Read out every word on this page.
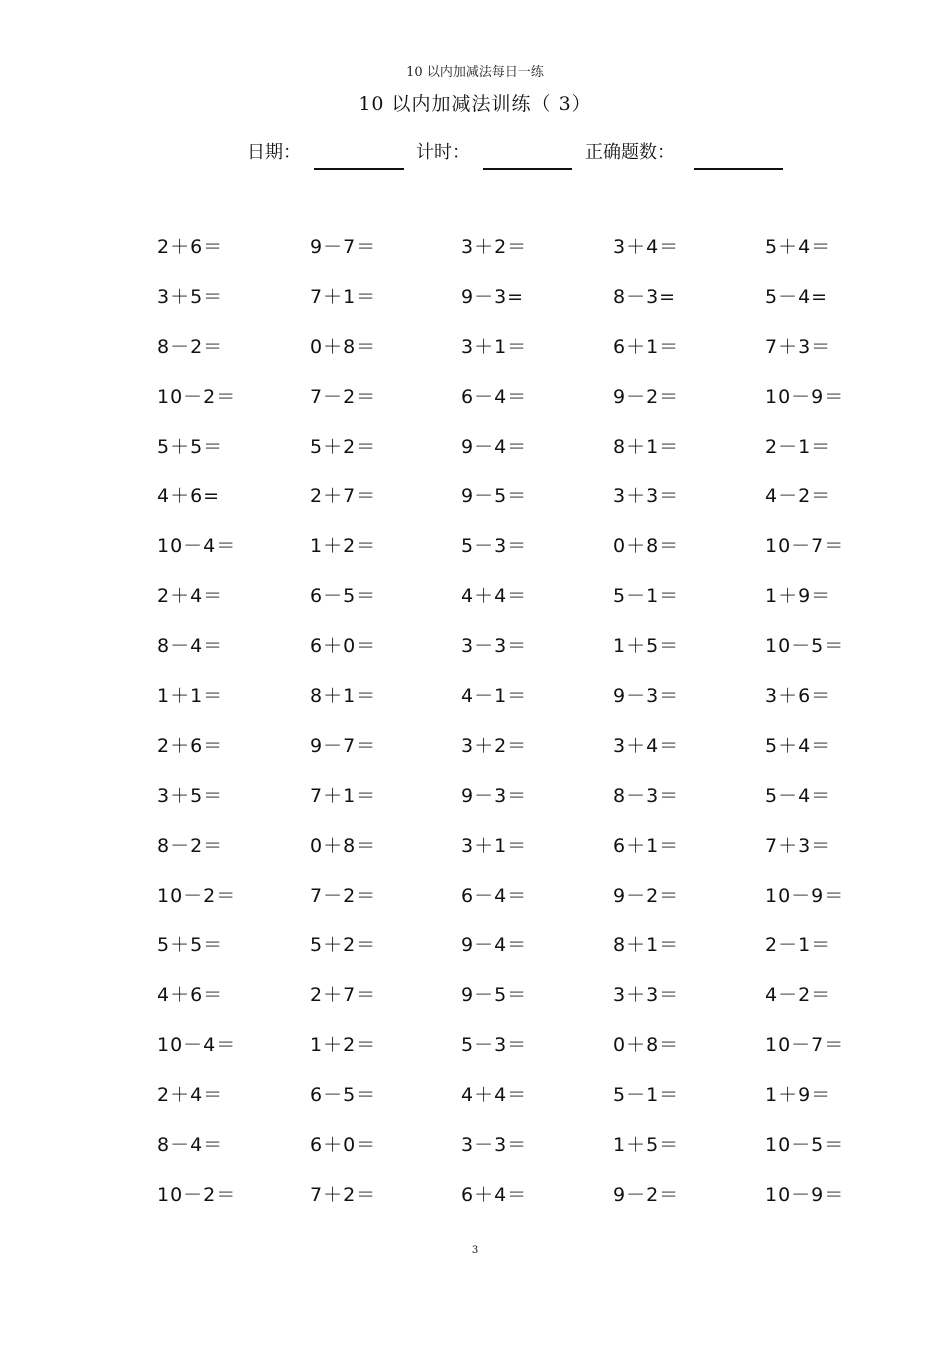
10 以内加减法每日一练
10 以内加减法训练（ 3）
日期：	计时：	正确题数：
2＋6＝	9－7＝	3＋2＝	3＋4＝	5＋4＝
3＋5＝	7＋1＝	9－3=	8－3=	5－4=
8－2＝	0＋8＝	3＋1＝	6＋1＝	7＋3＝
10－2＝	7－2＝	6－4＝	9－2＝	10－9＝
5＋5＝	5＋2＝	9－4＝	8＋1＝	2－1＝
4＋6=	2＋7＝	9－5＝	3＋3＝	4－2＝
10－4＝	1＋2＝	5－3＝	0＋8＝	10－7＝
2＋4＝	6－5＝	4＋4＝	5－1＝	1＋9＝
8－4＝	6＋0＝	3－3＝	1＋5＝	10－5＝
1＋1＝	8＋1＝	4－1＝	9－3＝	3＋6＝
2＋6＝	9－7＝	3＋2＝	3＋4＝	5＋4＝
3＋5＝	7＋1＝	9－3＝	8－3＝	5－4＝
8－2＝	0＋8＝	3＋1＝	6＋1＝	7＋3＝
10－2＝	7－2＝	6－4＝	9－2＝	10－9＝
5＋5＝	5＋2＝	9－4＝	8＋1＝	2－1＝
4＋6＝	2＋7＝	9－5＝	3＋3＝	4－2＝
10－4＝	1＋2＝	5－3＝	0＋8＝	10－7＝
2＋4＝	6－5＝	4＋4＝	5－1＝	1＋9＝
8－4＝	6＋0＝	3－3＝	1＋5＝	10－5＝
10－2＝	7＋2＝	6＋4＝	9－2＝	10－9＝
3
